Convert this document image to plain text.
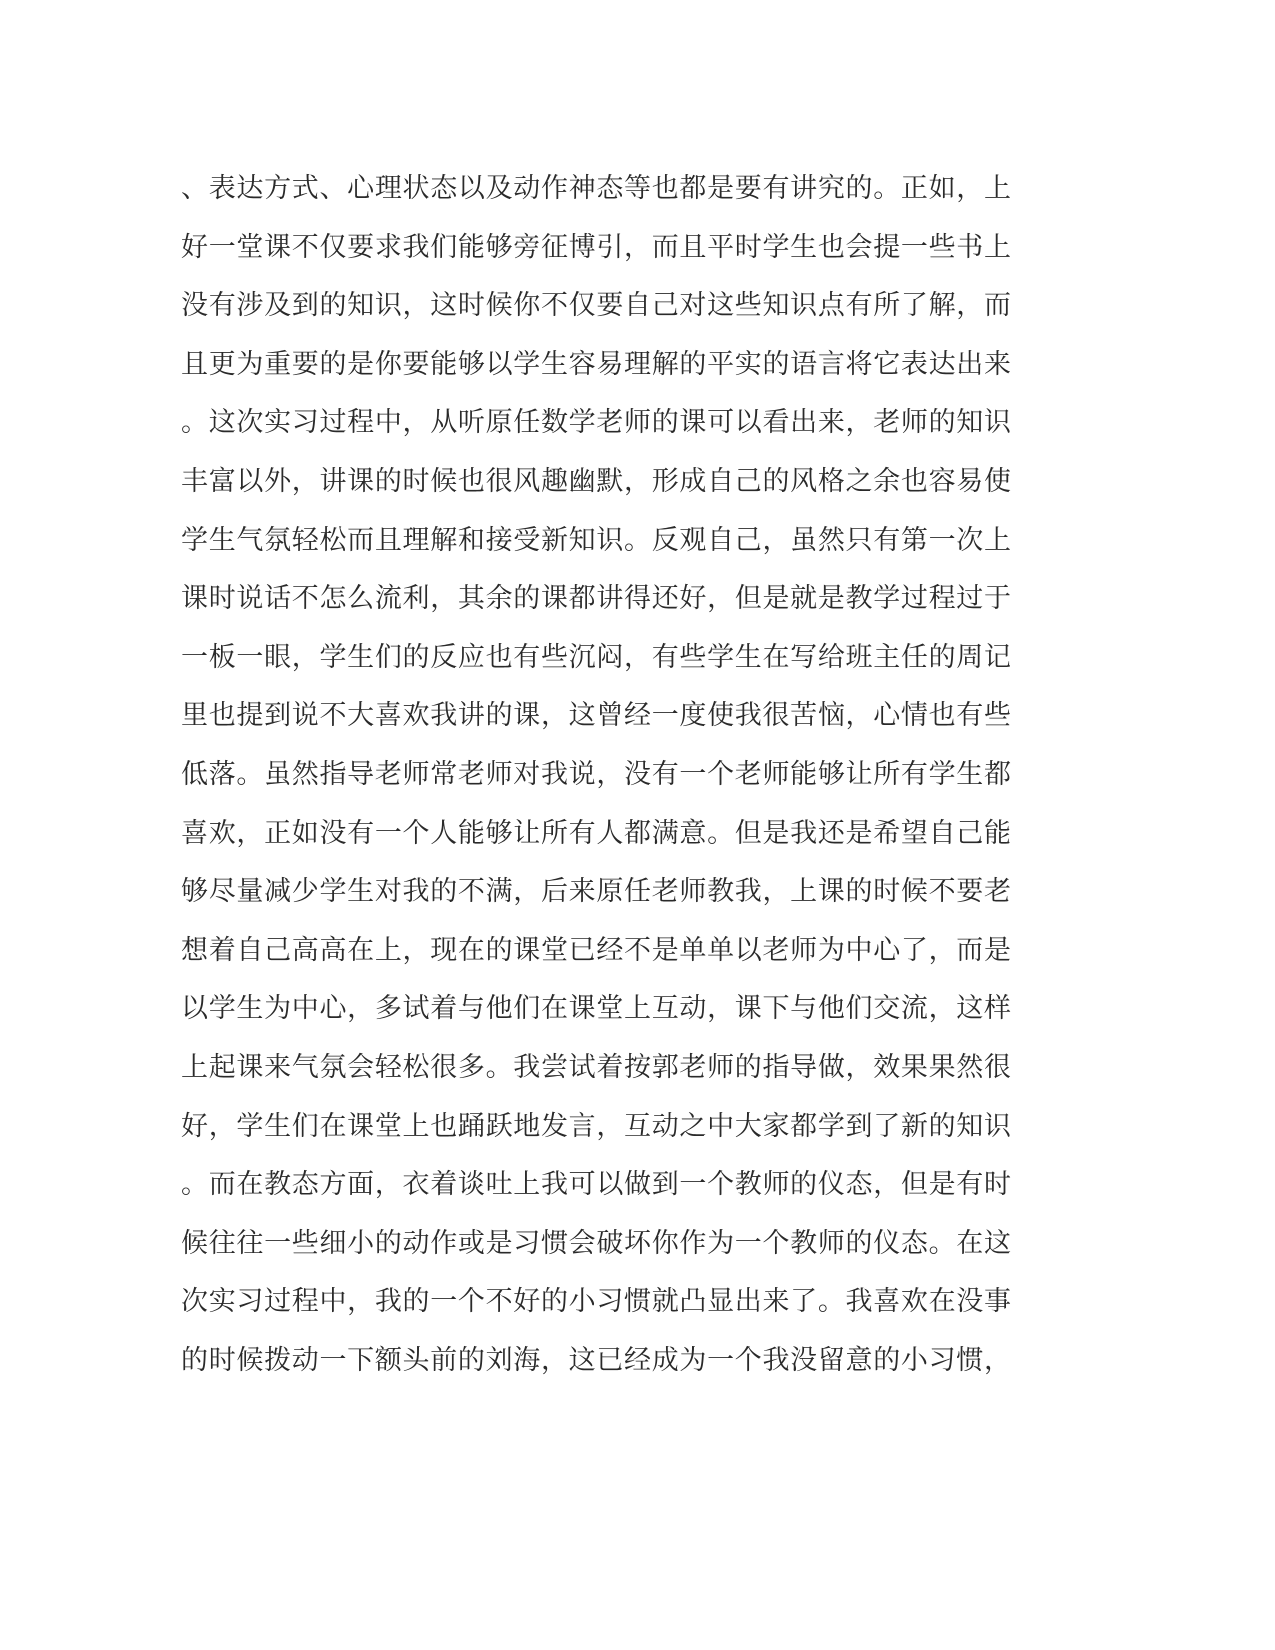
、表达方式、心理状态以及动作神态等也都是要有讲究的。正如，上
好一堂课不仅要求我们能够旁征博引，而且平时学生也会提一些书上
没有涉及到的知识，这时候你不仅要自己对这些知识点有所了解，而
且更为重要的是你要能够以学生容易理解的平实的语言将它表达出来
。这次实习过程中，从听原任数学老师的课可以看出来，老师的知识
丰富以外，讲课的时候也很风趣幽默，形成自己的风格之余也容易使
学生气氛轻松而且理解和接受新知识。反观自己，虽然只有第一次上
课时说话不怎么流利，其余的课都讲得还好，但是就是教学过程过于
一板一眼，学生们的反应也有些沉闷，有些学生在写给班主任的周记
里也提到说不大喜欢我讲的课，这曾经一度使我很苦恼，心情也有些
低落。虽然指导老师常老师对我说，没有一个老师能够让所有学生都
喜欢，正如没有一个人能够让所有人都满意。但是我还是希望自己能
够尽量减少学生对我的不满，后来原任老师教我，上课的时候不要老
想着自己高高在上，现在的课堂已经不是单单以老师为中心了，而是
以学生为中心，多试着与他们在课堂上互动，课下与他们交流，这样
上起课来气氛会轻松很多。我尝试着按郭老师的指导做，效果果然很
好，学生们在课堂上也踊跃地发言，互动之中大家都学到了新的知识
。而在教态方面，衣着谈吐上我可以做到一个教师的仪态，但是有时
候往往一些细小的动作或是习惯会破坏你作为一个教师的仪态。在这
次实习过程中，我的一个不好的小习惯就凸显出来了。我喜欢在没事
的时候拨动一下额头前的刘海，这已经成为一个我没留意的小习惯，
